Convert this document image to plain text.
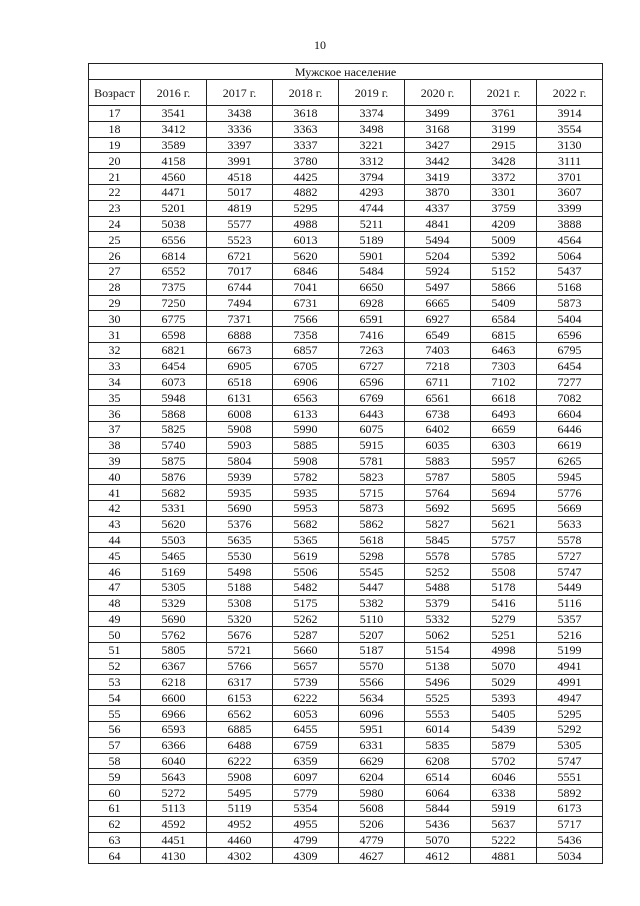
10
Мужское население							
Возраст	2016 г.	2017 г.	2018 г.	2019 г.	2020 г.	2021 г.	2022 г.
17	3541	3438	3618	3374	3499	3761	3914
18	3412	3336	3363	3498	3168	3199	3554
19	3589	3397	3337	3221	3427	2915	3130
20	4158	3991	3780	3312	3442	3428	3111
21	4560	4518	4425	3794	3419	3372	3701
22	4471	5017	4882	4293	3870	3301	3607
23	5201	4819	5295	4744	4337	3759	3399
24	5038	5577	4988	5211	4841	4209	3888
25	6556	5523	6013	5189	5494	5009	4564
26	6814	6721	5620	5901	5204	5392	5064
27	6552	7017	6846	5484	5924	5152	5437
28	7375	6744	7041	6650	5497	5866	5168
29	7250	7494	6731	6928	6665	5409	5873
30	6775	7371	7566	6591	6927	6584	5404
31	6598	6888	7358	7416	6549	6815	6596
32	6821	6673	6857	7263	7403	6463	6795
33	6454	6905	6705	6727	7218	7303	6454
34	6073	6518	6906	6596	6711	7102	7277
35	5948	6131	6563	6769	6561	6618	7082
36	5868	6008	6133	6443	6738	6493	6604
37	5825	5908	5990	6075	6402	6659	6446
38	5740	5903	5885	5915	6035	6303	6619
39	5875	5804	5908	5781	5883	5957	6265
40	5876	5939	5782	5823	5787	5805	5945
41	5682	5935	5935	5715	5764	5694	5776
42	5331	5690	5953	5873	5692	5695	5669
43	5620	5376	5682	5862	5827	5621	5633
44	5503	5635	5365	5618	5845	5757	5578
45	5465	5530	5619	5298	5578	5785	5727
46	5169	5498	5506	5545	5252	5508	5747
47	5305	5188	5482	5447	5488	5178	5449
48	5329	5308	5175	5382	5379	5416	5116
49	5690	5320	5262	5110	5332	5279	5357
50	5762	5676	5287	5207	5062	5251	5216
51	5805	5721	5660	5187	5154	4998	5199
52	6367	5766	5657	5570	5138	5070	4941
53	6218	6317	5739	5566	5496	5029	4991
54	6600	6153	6222	5634	5525	5393	4947
55	6966	6562	6053	6096	5553	5405	5295
56	6593	6885	6455	5951	6014	5439	5292
57	6366	6488	6759	6331	5835	5879	5305
58	6040	6222	6359	6629	6208	5702	5747
59	5643	5908	6097	6204	6514	6046	5551
60	5272	5495	5779	5980	6064	6338	5892
61	5113	5119	5354	5608	5844	5919	6173
62	4592	4952	4955	5206	5436	5637	5717
63	4451	4460	4799	4779	5070	5222	5436
64	4130	4302	4309	4627	4612	4881	5034
